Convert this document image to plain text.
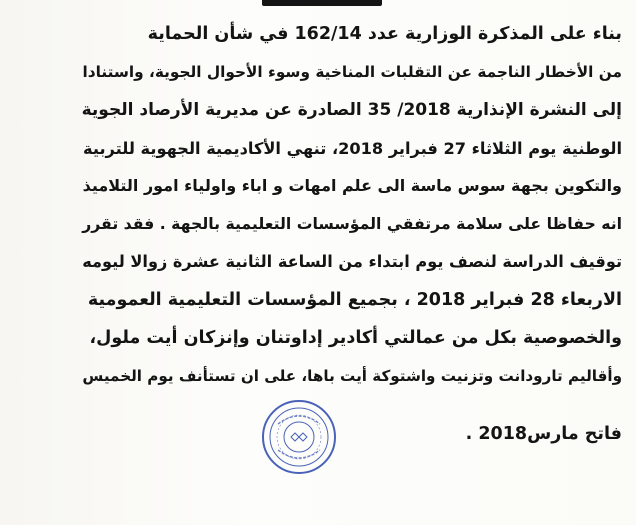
بناء على المذكرة الوزارية عدد 162/14 في شأن الحماية
من الأخطار الناجمة عن التقلبات المناخية وسوء الأحوال الجوية، واستنادا
إلى النشرة الإنذارية 2018/ 35 الصادرة عن مديرية الأرصاد الجوية
الوطنية يوم الثلاثاء 27 فبراير 2018، تنهي الأكاديمية الجهوية للتربية
والتكوين بجهة سوس ماسة الى علم امهات و اباء واولياء امور التلاميذ
انه حفاظا على سلامة مرتفقي المؤسسات التعليمية بالجهة . فقد تقرر
توقيف الدراسة لنصف يوم ابتداء من الساعة الثانية عشرة زوالا ليومه
الاربعاء 28 فبراير 2018 ، بجميع المؤسسات التعليمية العمومية
والخصوصية بكل من عمالتي أكادير إداوتنان وإنزكان أيت ملول،
وأقاليم تارودانت وتزنيت واشتوكة أيت باها، على ان تستأنف يوم الخميس
فاتح مارس2018 .
